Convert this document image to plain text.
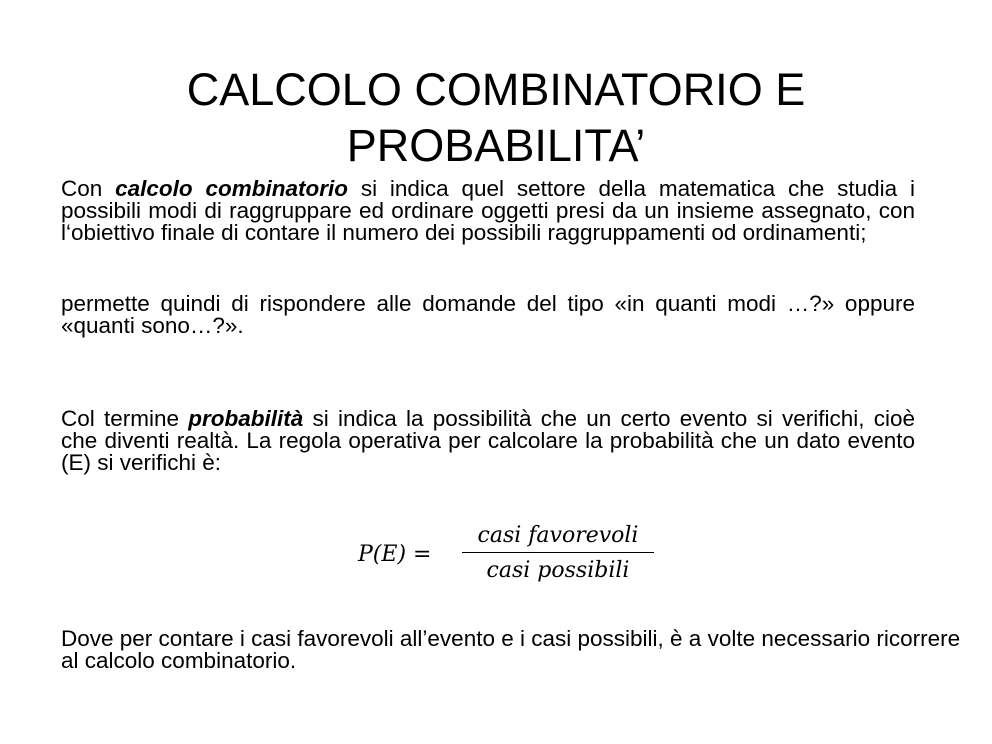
CALCOLO COMBINATORIO E
PROBABILITA’

Con calcolo combinatorio si indica quel settore della matematica che studia i possibili modi di raggruppare ed ordinare oggetti presi da un insieme assegnato, con l‘obiettivo finale di contare il numero dei possibili raggruppamenti od ordinamenti;

permette quindi di rispondere alle domande del tipo «in quanti modi …?» oppure «quanti sono…?».

Col termine probabilità si indica la possibilità che un certo evento si verifichi, cioè che diventi realtà. La regola operativa per calcolare la probabilità che un dato evento (E) si verifichi è:

P(E) =
casi favorevoli
casi possibili

Dove per contare i casi favorevoli all’evento e i casi possibili, è a volte necessario ricorrere al calcolo combinatorio.
